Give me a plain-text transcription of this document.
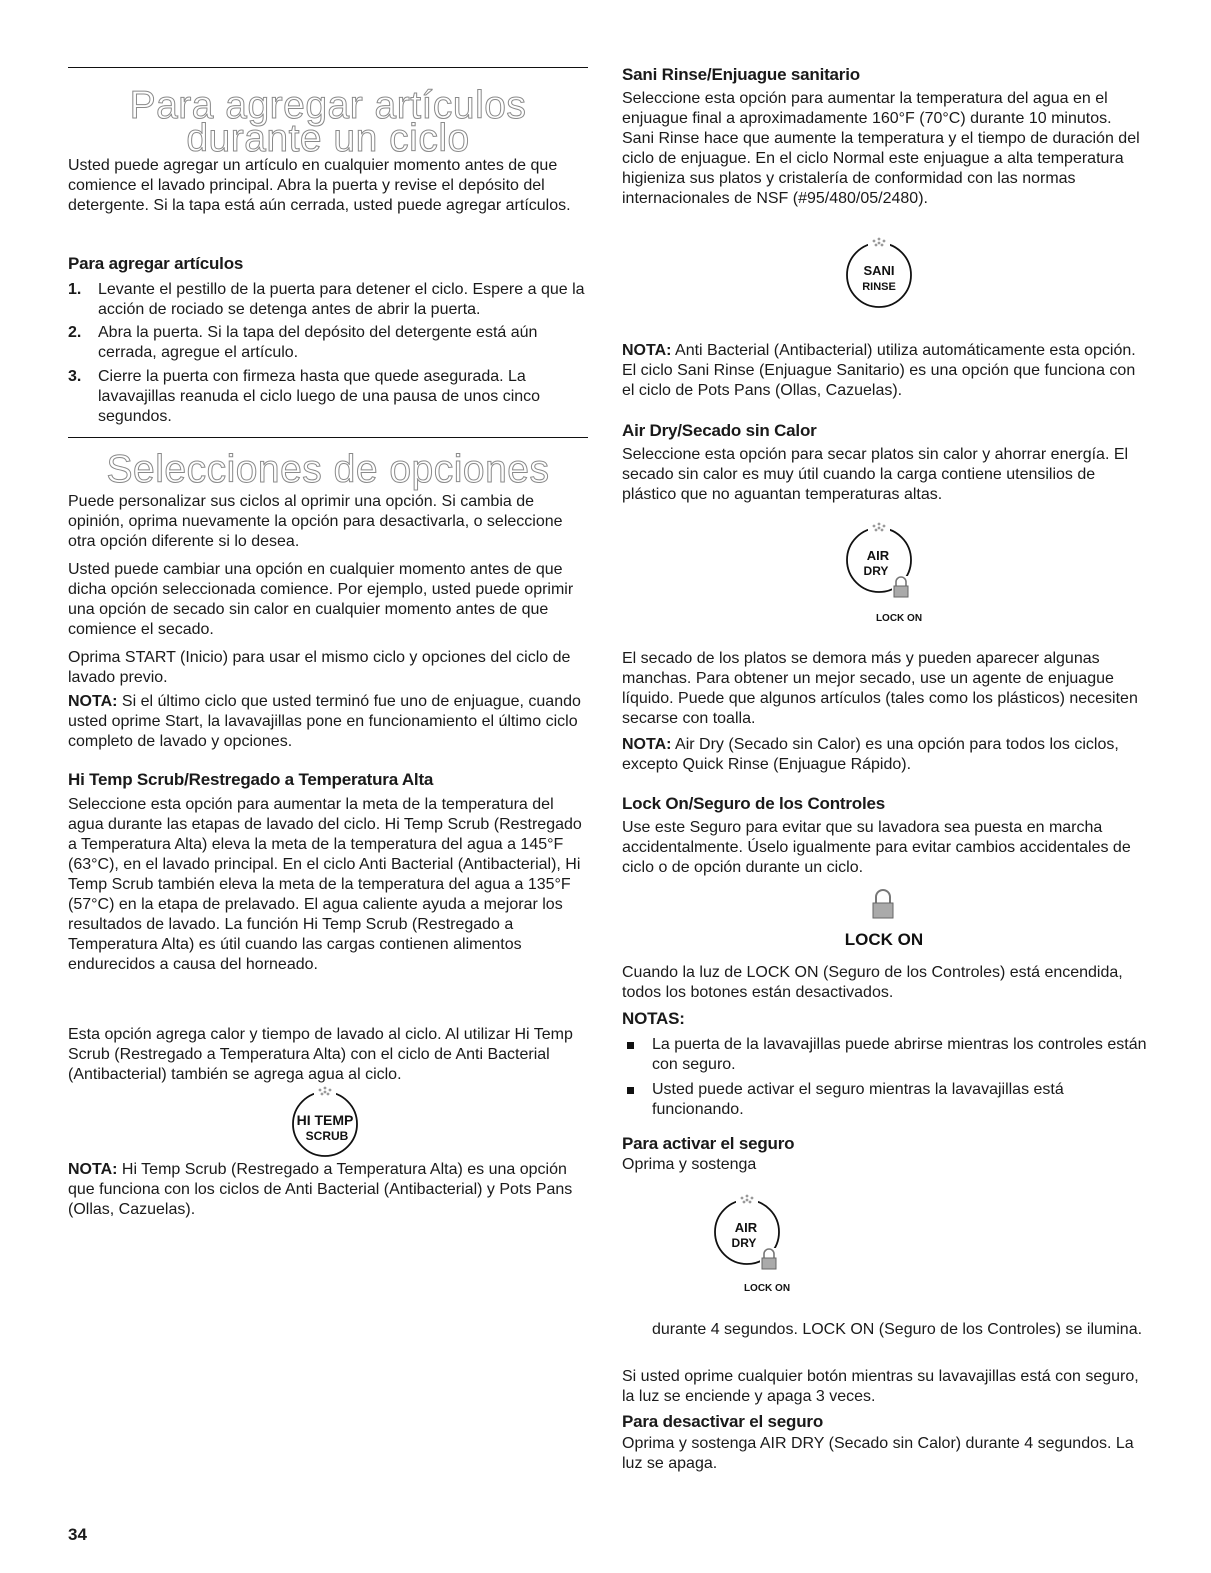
Para agregar artículos
durante un ciclo

Usted puede agregar un artículo en cualquier momento antes de que comience el lavado principal. Abra la puerta y revise el depósito del detergente. Si la tapa está aún cerrada, usted puede agregar artículos.

Para agregar artículos

1. Levante el pestillo de la puerta para detener el ciclo. Espere a que la acción de rociado se detenga antes de abrir la puerta.
2. Abra la puerta. Si la tapa del depósito del detergente está aún cerrada, agregue el artículo.
3. Cierre la puerta con firmeza hasta que quede asegurada. La lavavajillas reanuda el ciclo luego de una pausa de unos cinco segundos.
Selecciones de opciones

Puede personalizar sus ciclos al oprimir una opción. Si cambia de opinión, oprima nuevamente la opción para desactivarla, o seleccione otra opción diferente si lo desea.

Usted puede cambiar una opción en cualquier momento antes de que dicha opción seleccionada comience. Por ejemplo, usted puede oprimir una opción de secado sin calor en cualquier momento antes de que comience el secado.

Oprima START (Inicio) para usar el mismo ciclo y opciones del ciclo de lavado previo.

NOTA: Si el último ciclo que usted terminó fue uno de enjuague, cuando usted oprime Start, la lavavajillas pone en funcionamiento el último ciclo completo de lavado y opciones.

Hi Temp Scrub/Restregado a Temperatura Alta

Seleccione esta opción para aumentar la meta de la temperatura del agua durante las etapas de lavado del ciclo. Hi Temp Scrub (Restregado a Temperatura Alta) eleva la meta de la temperatura del agua a 145°F (63°C), en el lavado principal. En el ciclo Anti Bacterial (Antibacterial), Hi Temp Scrub también eleva la meta de la temperatura del agua a 135°F (57°C) en la etapa de prelavado. El agua caliente ayuda a mejorar los resultados de lavado. La función Hi Temp Scrub (Restregado a Temperatura Alta) es útil cuando las cargas contienen alimentos endurecidos a causa del horneado.

Esta opción agrega calor y tiempo de lavado al ciclo. Al utilizar Hi Temp Scrub (Restregado a Temperatura Alta) con el ciclo de Anti Bacterial (Antibacterial) también se agrega agua al ciclo.

HI TEMP
SCRUB

NOTA: Hi Temp Scrub (Restregado a Temperatura Alta) es una opción que funciona con los ciclos de Anti Bacterial (Antibacterial) y Pots Pans (Ollas, Cazuelas).

Sani Rinse/Enjuague sanitario

Seleccione esta opción para aumentar la temperatura del agua en el enjuague final a aproximadamente 160°F (70°C) durante 10 minutos. Sani Rinse hace que aumente la temperatura y el tiempo de duración del ciclo de enjuague. En el ciclo Normal este enjuague a alta temperatura higieniza sus platos y cristalería de conformidad con las normas internacionales de NSF (#95/480/05/2480).

SANI
RINSE

NOTA: Anti Bacterial (Antibacterial) utiliza automáticamente esta opción. El ciclo Sani Rinse (Enjuague Sanitario) es una opción que funciona con el ciclo de Pots Pans (Ollas, Cazuelas).

Air Dry/Secado sin Calor

Seleccione esta opción para secar platos sin calor y ahorrar energía. El secado sin calor es muy útil cuando la carga contiene utensilios de plástico que no aguantan temperaturas altas.

AIR
DRY
LOCK ON

El secado de los platos se demora más y pueden aparecer algunas manchas. Para obtener un mejor secado, use un agente de enjuague líquido. Puede que algunos artículos (tales como los plásticos) necesiten secarse con toalla.

NOTA: Air Dry (Secado sin Calor) es una opción para todos los ciclos, excepto Quick Rinse (Enjuague Rápido).

Lock On/Seguro de los Controles

Use este Seguro para evitar que su lavadora sea puesta en marcha accidentalmente. Úselo igualmente para evitar cambios accidentales de ciclo o de opción durante un ciclo.

LOCK ON

Cuando la luz de LOCK ON (Seguro de los Controles) está encendida, todos los botones están desactivados.

NOTAS:

La puerta de la lavavajillas puede abrirse mientras los controles están con seguro.
Usted puede activar el seguro mientras la lavavajillas está funcionando.

Para activar el seguro

Oprima y sostenga

AIR
DRY
LOCK ON

durante 4 segundos. LOCK ON (Seguro de los Controles) se ilumina.

Si usted oprime cualquier botón mientras su lavavajillas está con seguro, la luz se enciende y apaga 3 veces.

Para desactivar el seguro

Oprima y sostenga AIR DRY (Secado sin Calor) durante 4 segundos. La luz se apaga.

34
